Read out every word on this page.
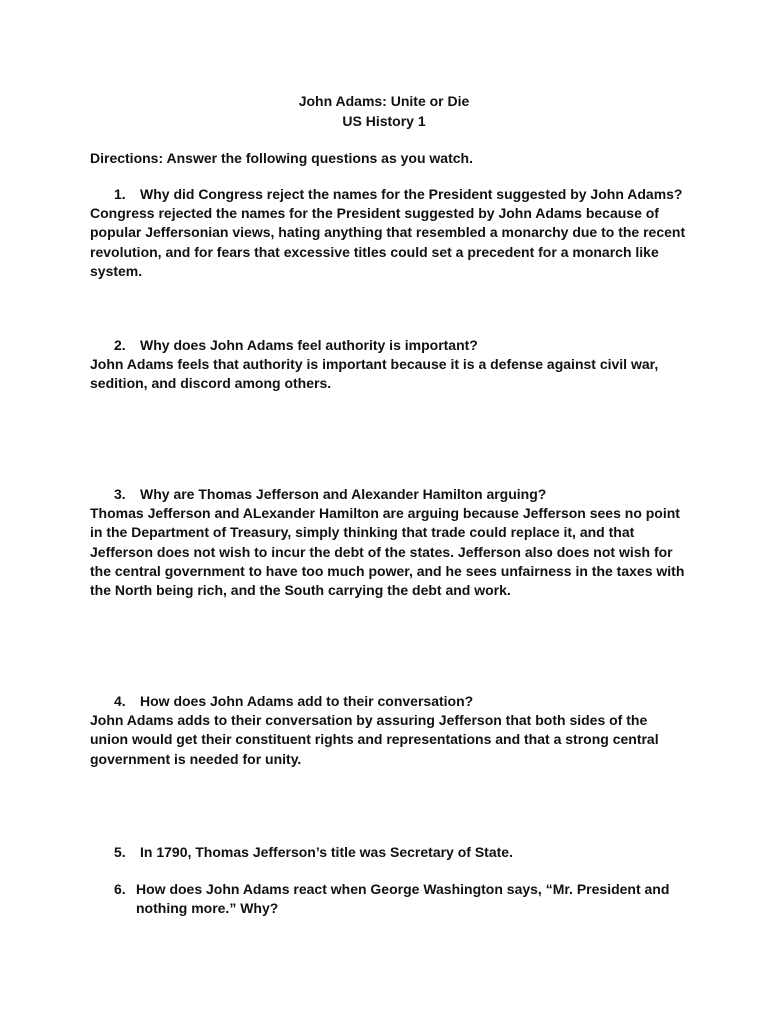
John Adams: Unite or Die
US History 1
Directions: Answer the following questions as you watch.
1. Why did Congress reject the names for the President suggested by John Adams?
Congress rejected the names for the President suggested by John Adams because of
popular Jeffersonian views, hating anything that resembled a monarchy due to the recent
revolution, and for fears that excessive titles could set a precedent for a monarch like
system.
2. Why does John Adams feel authority is important?
John Adams feels that authority is important because it is a defense against civil war,
sedition, and discord among others.
3. Why are Thomas Jefferson and Alexander Hamilton arguing?
Thomas Jefferson and ALexander Hamilton are arguing because Jefferson sees no point
in the Department of Treasury, simply thinking that trade could replace it, and that
Jefferson does not wish to incur the debt of the states. Jefferson also does not wish for
the central government to have too much power, and he sees unfairness in the taxes with
the North being rich, and the South carrying the debt and work.
4. How does John Adams add to their conversation?
John Adams adds to their conversation by assuring Jefferson that both sides of the
union would get their constituent rights and representations and that a strong central
government is needed for unity.
5. In 1790, Thomas Jefferson’s title was Secretary of State.
6. How does John Adams react when George Washington says, “Mr. President and
nothing more.” Why?
